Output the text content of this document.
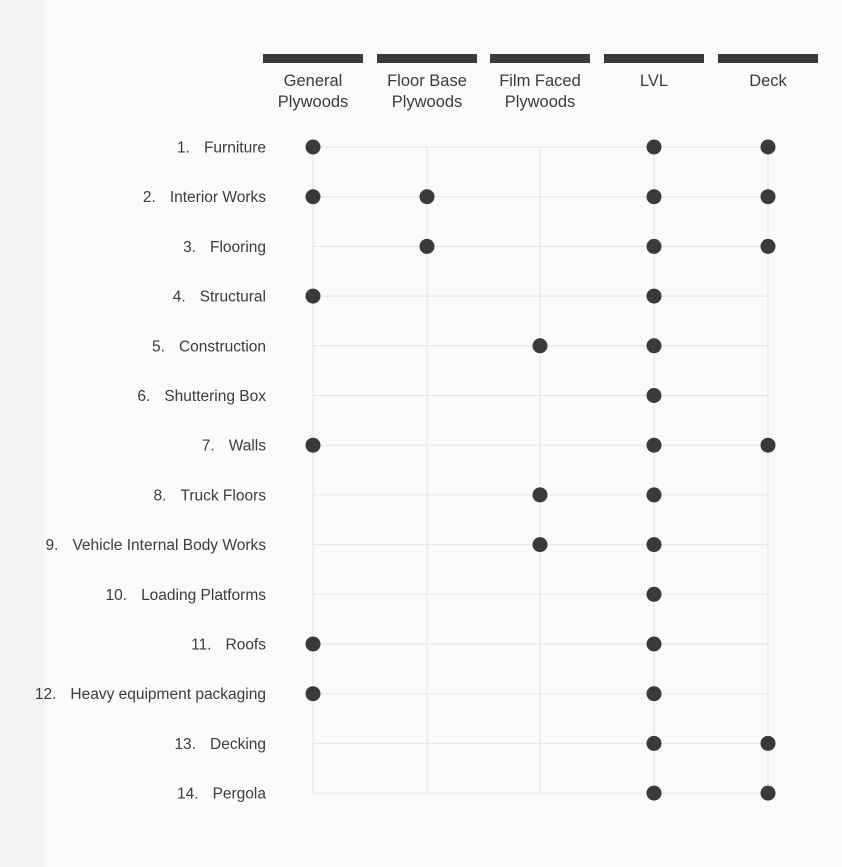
General
Plywoods
Floor Base
Plywoods
Film Faced
Plywoods
LVL	Deck
1. Furniture
2. Interior Works
3. Flooring
4. Structural
5. Construction
6. Shuttering Box
7. Walls
8. Truck Floors
9. Vehicle Internal Body Works
10. Loading Platforms
11. Roofs
12. Heavy equipment packaging
13. Decking
14. Pergola
